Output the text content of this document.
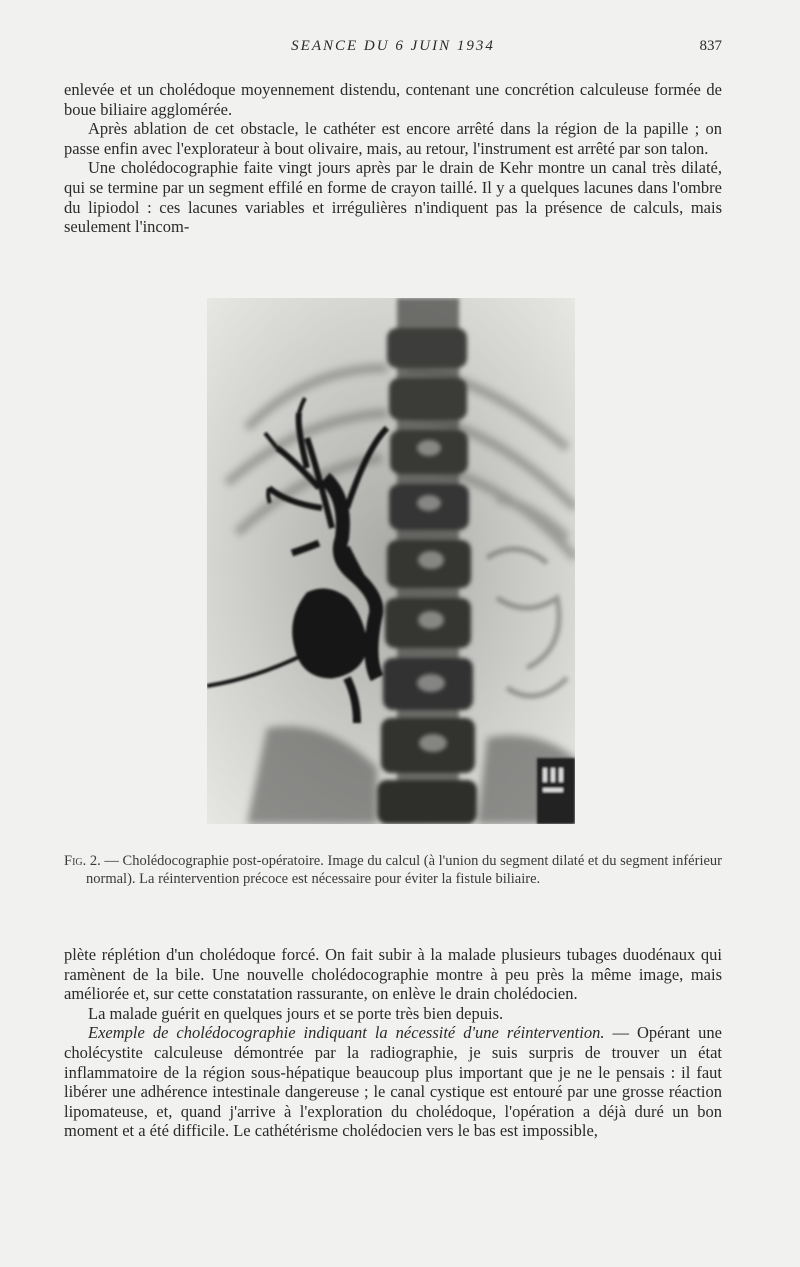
SEANCE DU 6 JUIN 1934	837

enlevée et un cholédoque moyennement distendu, contenant une concrétion calculeuse formée de boue biliaire agglomérée.

Après ablation de cet obstacle, le cathéter est encore arrêté dans la région de la papille ; on passe enfin avec l'explorateur à bout olivaire, mais, au retour, l'instrument est arrêté par son talon.

Une cholédocographie faite vingt jours après par le drain de Kehr montre un canal très dilaté, qui se termine par un segment effilé en forme de crayon taillé. Il y a quelques lacunes dans l'ombre du lipiodol : ces lacunes variables et irrégulières n'indiquent pas la présence de calculs, mais seulement l'incom-

Fig. 2. — Cholédocographie post-opératoire. Image du calcul (à l'union du segment dilaté et du segment inférieur normal). La réintervention précoce est nécessaire pour éviter la fistule biliaire.

plète réplétion d'un cholédoque forcé. On fait subir à la malade plusieurs tubages duodénaux qui ramènent de la bile. Une nouvelle cholédocographie montre à peu près la même image, mais améliorée et, sur cette constatation rassurante, on enlève le drain cholédocien.

La malade guérit en quelques jours et se porte très bien depuis.

Exemple de cholédocographie indiquant la nécessité d'une réintervention. — Opérant une cholécystite calculeuse démontrée par la radiographie, je suis surpris de trouver un état inflammatoire de la région sous-hépatique beaucoup plus important que je ne le pensais : il faut libérer une adhérence intestinale dangereuse ; le canal cystique est entouré par une grosse réaction lipomateuse, et, quand j'arrive à l'exploration du cholédoque, l'opération a déjà duré un bon moment et a été difficile. Le cathétérisme cholédocien vers le bas est impossible,
